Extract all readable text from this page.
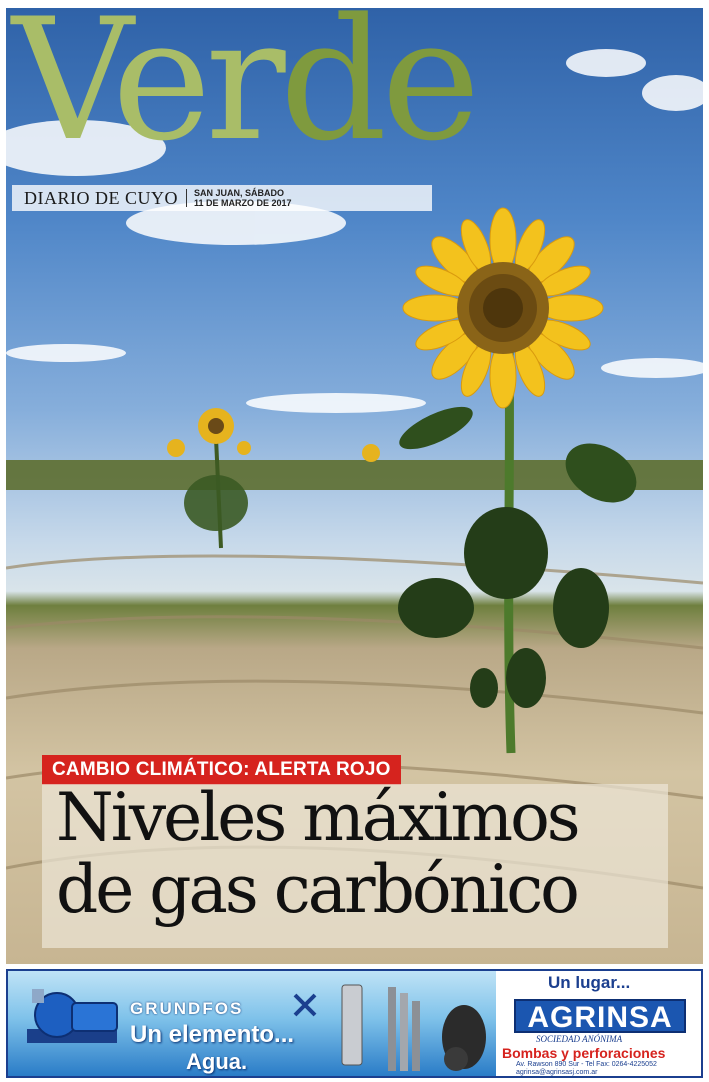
Verde
DIARIO DE CUYO	SAN JUAN, SÁBADO
11 DE MARZO DE 2017
CAMBIO CLIMÁTICO: ALERTA ROJO
Niveles máximos
de gas carbónico
GRUNDFOS
Un elemento...
Agua.
Un lugar...
AGRINSA
SOCIEDAD ANÓNIMA
Bombas y perforaciones
Av. Rawson 890 Sur - Tel Fax: 0264-4225052
agrinsa@agrinsasj.com.ar
